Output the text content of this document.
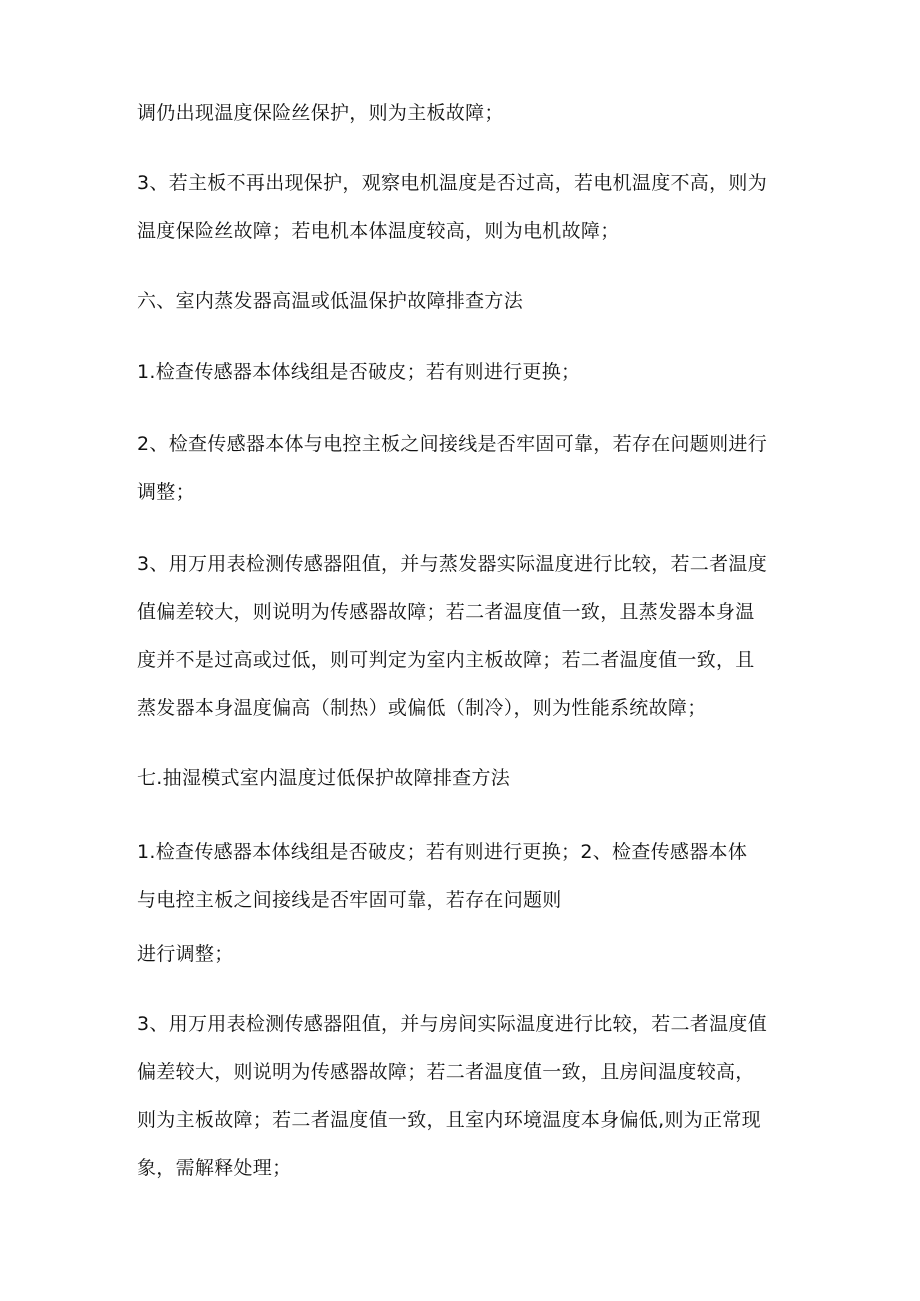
调仍出现温度保险丝保护，则为主板故障；
3、若主板不再出现保护，观察电机温度是否过高，若电机温度不高，则为
温度保险丝故障；若电机本体温度较高，则为电机故障；
六、室内蒸发器高温或低温保护故障排查方法
1.检查传感器本体线组是否破皮；若有则进行更换；
2、检查传感器本体与电控主板之间接线是否牢固可靠，若存在问题则进行
调整；
3、用万用表检测传感器阻值，并与蒸发器实际温度进行比较，若二者温度
值偏差较大，则说明为传感器故障；若二者温度值一致，且蒸发器本身温
度并不是过高或过低，则可判定为室内主板故障；若二者温度值一致，且
蒸发器本身温度偏高（制热）或偏低（制冷），则为性能系统故障；
七.抽湿模式室内温度过低保护故障排查方法
1.检查传感器本体线组是否破皮；若有则进行更换；2、检查传感器本体
与电控主板之间接线是否牢固可靠，若存在问题则
进行调整；
3、用万用表检测传感器阻值，并与房间实际温度进行比较，若二者温度值
偏差较大，则说明为传感器故障；若二者温度值一致，且房间温度较高，
则为主板故障；若二者温度值一致，且室内环境温度本身偏低,则为正常现
象，需解释处理；
